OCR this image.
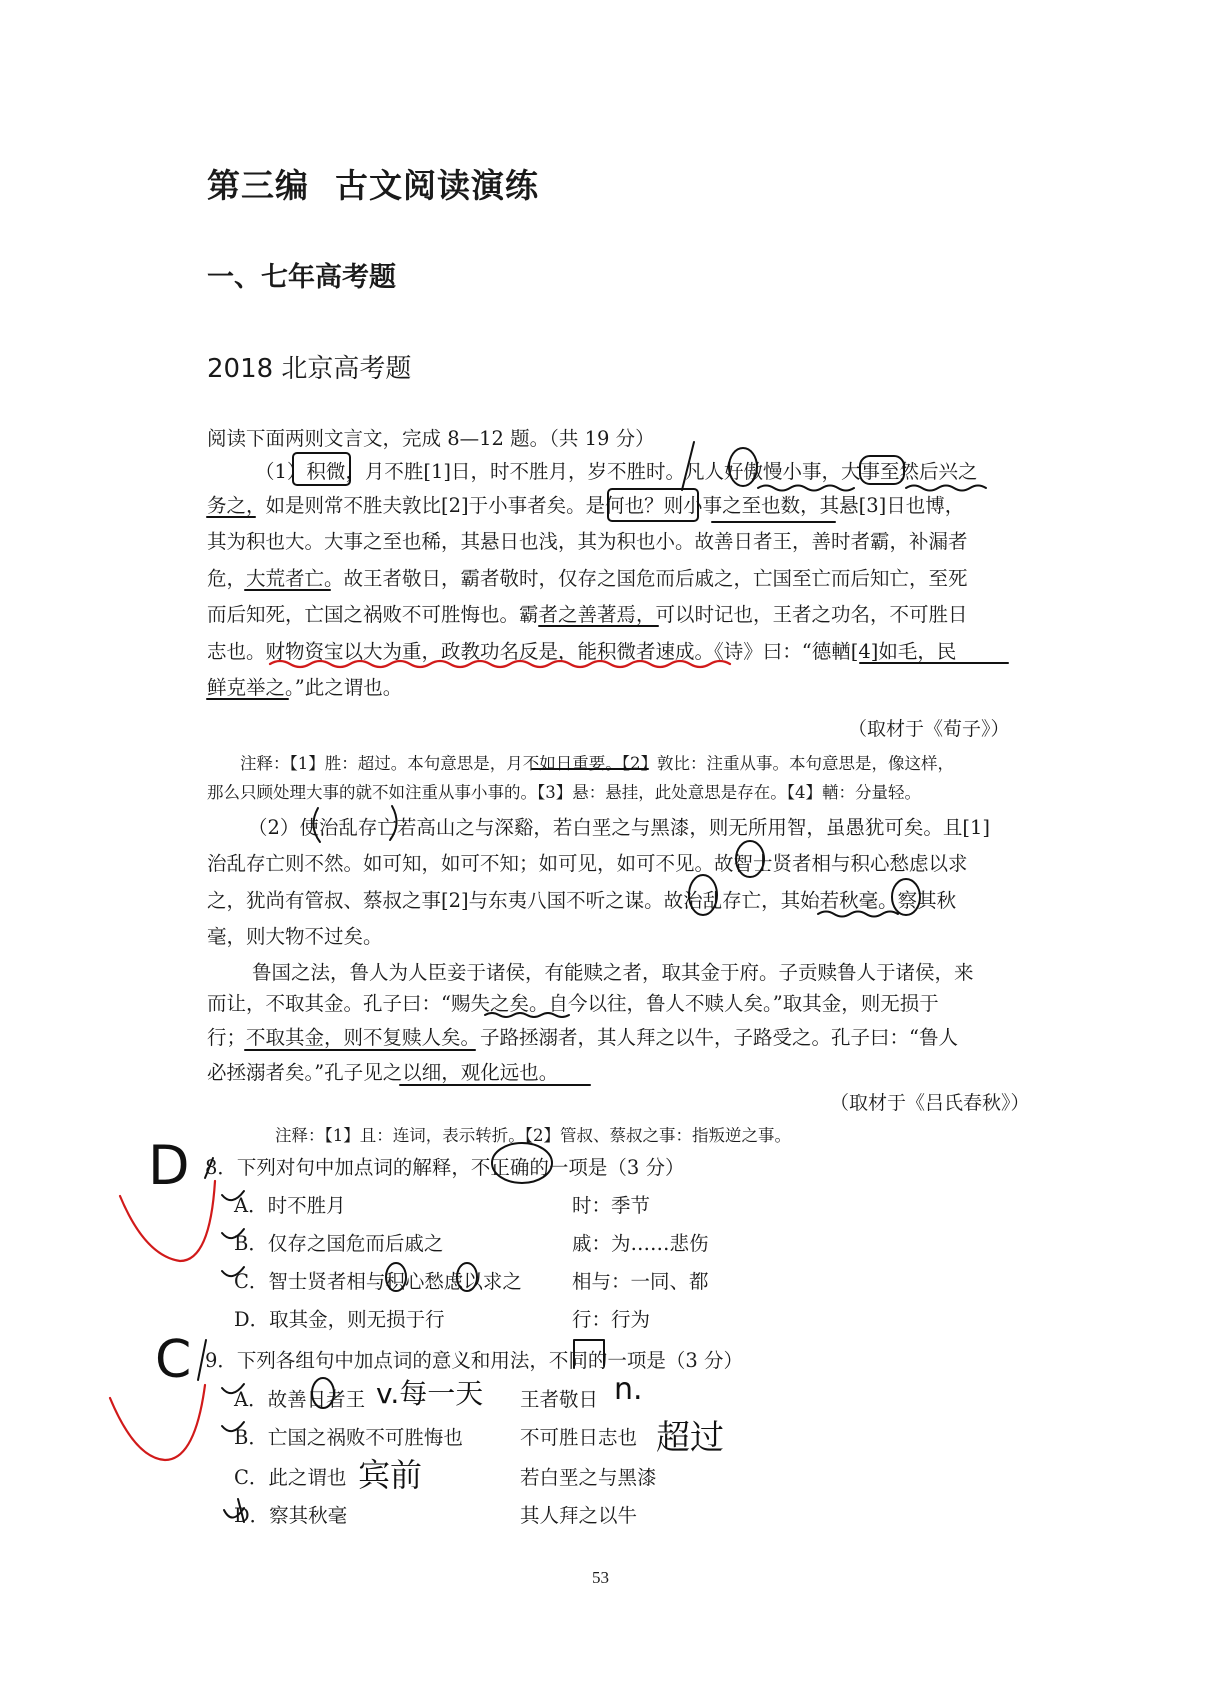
第三编 古文阅读演练
一、七年高考题
2018 北京高考题
阅读下面两则文言文，完成 8—12 题。（共 19 分）
（1）积微，月不胜[1]日，时不胜月，岁不胜时。凡人好傲慢小事，大事至然后兴之
务之，如是则常不胜夫敦比[2]于小事者矣。是何也？则小事之至也数，其悬[3]日也博，
其为积也大。大事之至也稀，其悬日也浅，其为积也小。故善日者王，善时者霸，补漏者
危，大荒者亡。故王者敬日，霸者敬时，仅存之国危而后戚之，亡国至亡而后知亡，至死
而后知死，亡国之祸败不可胜悔也。霸者之善著焉，可以时记也，王者之功名，不可胜日
志也。财物资宝以大为重，政教功名反是，能积微者速成。《诗》曰：“德輶[4]如毛，民
鲜克举之。”此之谓也。
（取材于《荀子》）
注释：【1】胜：超过。本句意思是，月不如日重要。【2】敦比：注重从事。本句意思是，像这样，
那么只顾处理大事的就不如注重从事小事的。【3】悬：悬挂，此处意思是存在。【4】輶：分量轻。
（2）使治乱存亡若高山之与深谿，若白垩之与黑漆，则无所用智，虽愚犹可矣。且[1]
治乱存亡则不然。如可知，如可不知；如可见，如可不见。故智士贤者相与积心愁虑以求
之，犹尚有管叔、蔡叔之事[2]与东夷八国不听之谋。故治乱存亡，其始若秋毫。察其秋
毫，则大物不过矣。
鲁国之法，鲁人为人臣妾于诸侯，有能赎之者，取其金于府。子贡赎鲁人于诸侯，来
而让，不取其金。孔子曰：“赐失之矣。自今以往，鲁人不赎人矣。”取其金，则无损于
行；不取其金，则不复赎人矣。子路拯溺者，其人拜之以牛，子路受之。孔子曰：“鲁人
必拯溺者矣。”孔子见之以细，观化远也。
（取材于《吕氏春秋》）
注释：【1】且：连词，表示转折。【2】管叔、蔡叔之事：指叛逆之事。
8．下列对句中加点词的解释，不正确的一项是（3 分）
A．时不胜月	时：季节
B．仅存之国危而后戚之	戚：为……悲伤
C．智士贤者相与积心愁虑以求之	相与：一同、都
D．取其金，则无损于行	行：行为
9．下列各组句中加点词的意义和用法，不同的一项是（3 分）
A．故善日者王	王者敬日
B．亡国之祸败不可胜悔也	不可胜日志也
C．此之谓也	若白垩之与黑漆
D．察其秋毫	其人拜之以牛
53
D
C
v.每一天	n.
超过
宾前
